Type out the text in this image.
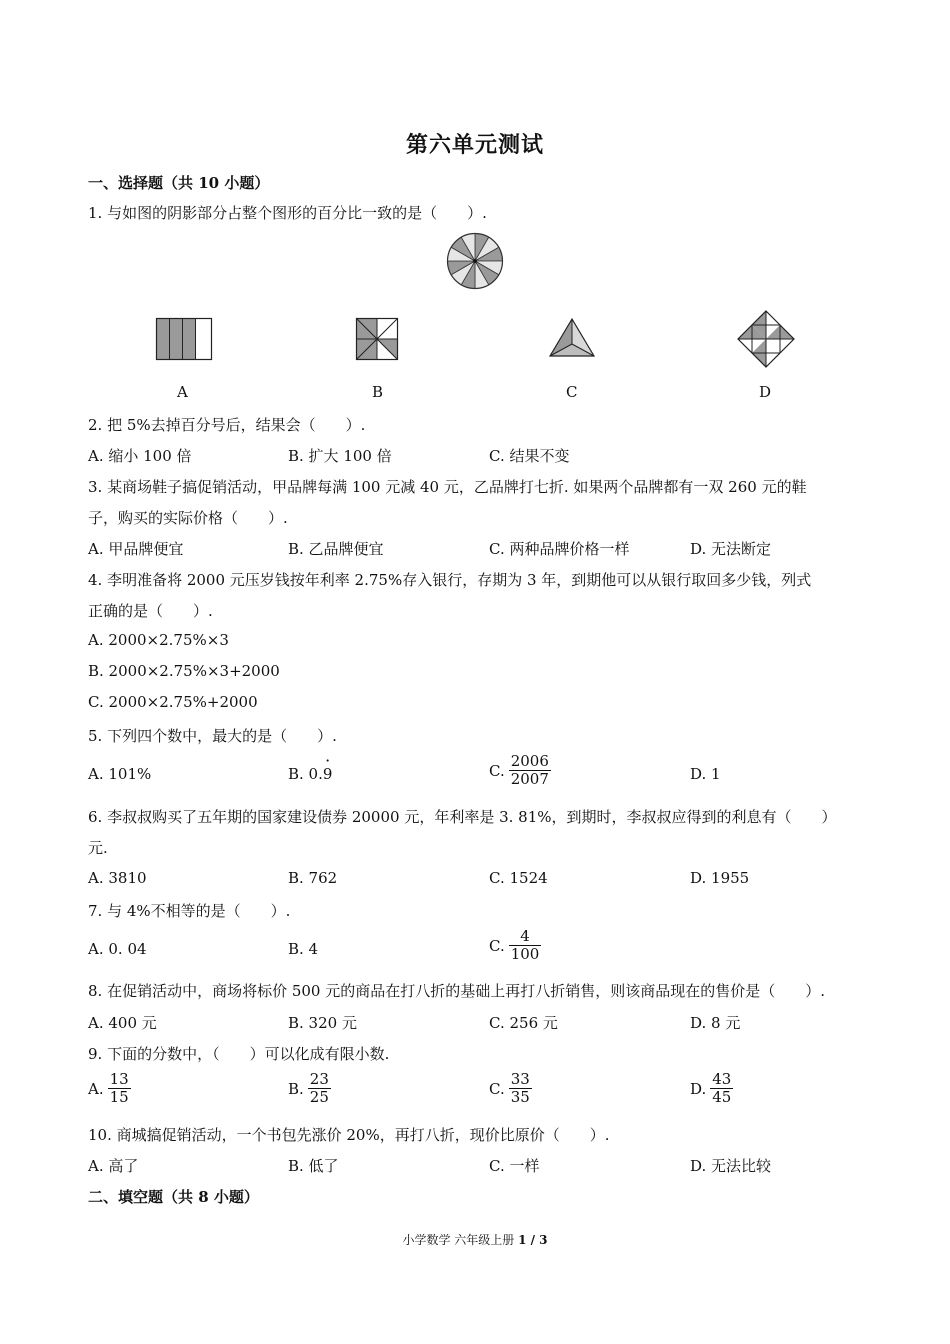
第六单元测试
一、选择题（共 10 小题）
1. 与如图的阴影部分占整个图形的百分比一致的是（　　）.
A	B	C	D
2. 把 5%去掉百分号后，结果会（　　）.
A. 缩小 100 倍	B. 扩大 100 倍	C. 结果不变
3. 某商场鞋子搞促销活动，甲品牌每满 100 元减 40 元，乙品牌打七折. 如果两个品牌都有一双 260 元的鞋
子，购买的实际价格（　　）.
A. 甲品牌便宜	B. 乙品牌便宜	C. 两种品牌价格一样	D. 无法断定
4. 李明准备将 2000 元压岁钱按年利率 2.75%存入银行，存期为 3 年，到期他可以从银行取回多少钱，列式
正确的是（　　）.
A. 2000×2.75%×3
B. 2000×2.75%×3+2000
C. 2000×2.75%+2000
5. 下列四个数中，最大的是（　　）.
A. 101%	B. 0.· 9	C. $\frac{2006}{2007}$	D. 1
6. 李叔叔购买了五年期的国家建设债券 20000 元，年利率是 3. 81%，到期时，李叔叔应得到的利息有（　　）
元.
A. 3810	B. 762	C. 1524	D. 1955
7. 与 4%不相等的是（　　）.
A. 0. 04	B. 4	C. $\frac{4}{100}$
8. 在促销活动中，商场将标价 500 元的商品在打八折的基础上再打八折销售，则该商品现在的售价是（　　）.
A. 400 元	B. 320 元	C. 256 元	D. 8 元
9. 下面的分数中，（　　）可以化成有限小数.
A. $\frac{13}{15}$	B. $\frac{23}{25}$	C. $\frac{33}{35}$	D. $\frac{43}{45}$
10. 商城搞促销活动，一个书包先涨价 20%，再打八折，现价比原价（　　）.
A. 高了	B. 低了	C. 一样	D. 无法比较
二、填空题（共 8 小题）
小学数学 六年级上册 1 / 3
